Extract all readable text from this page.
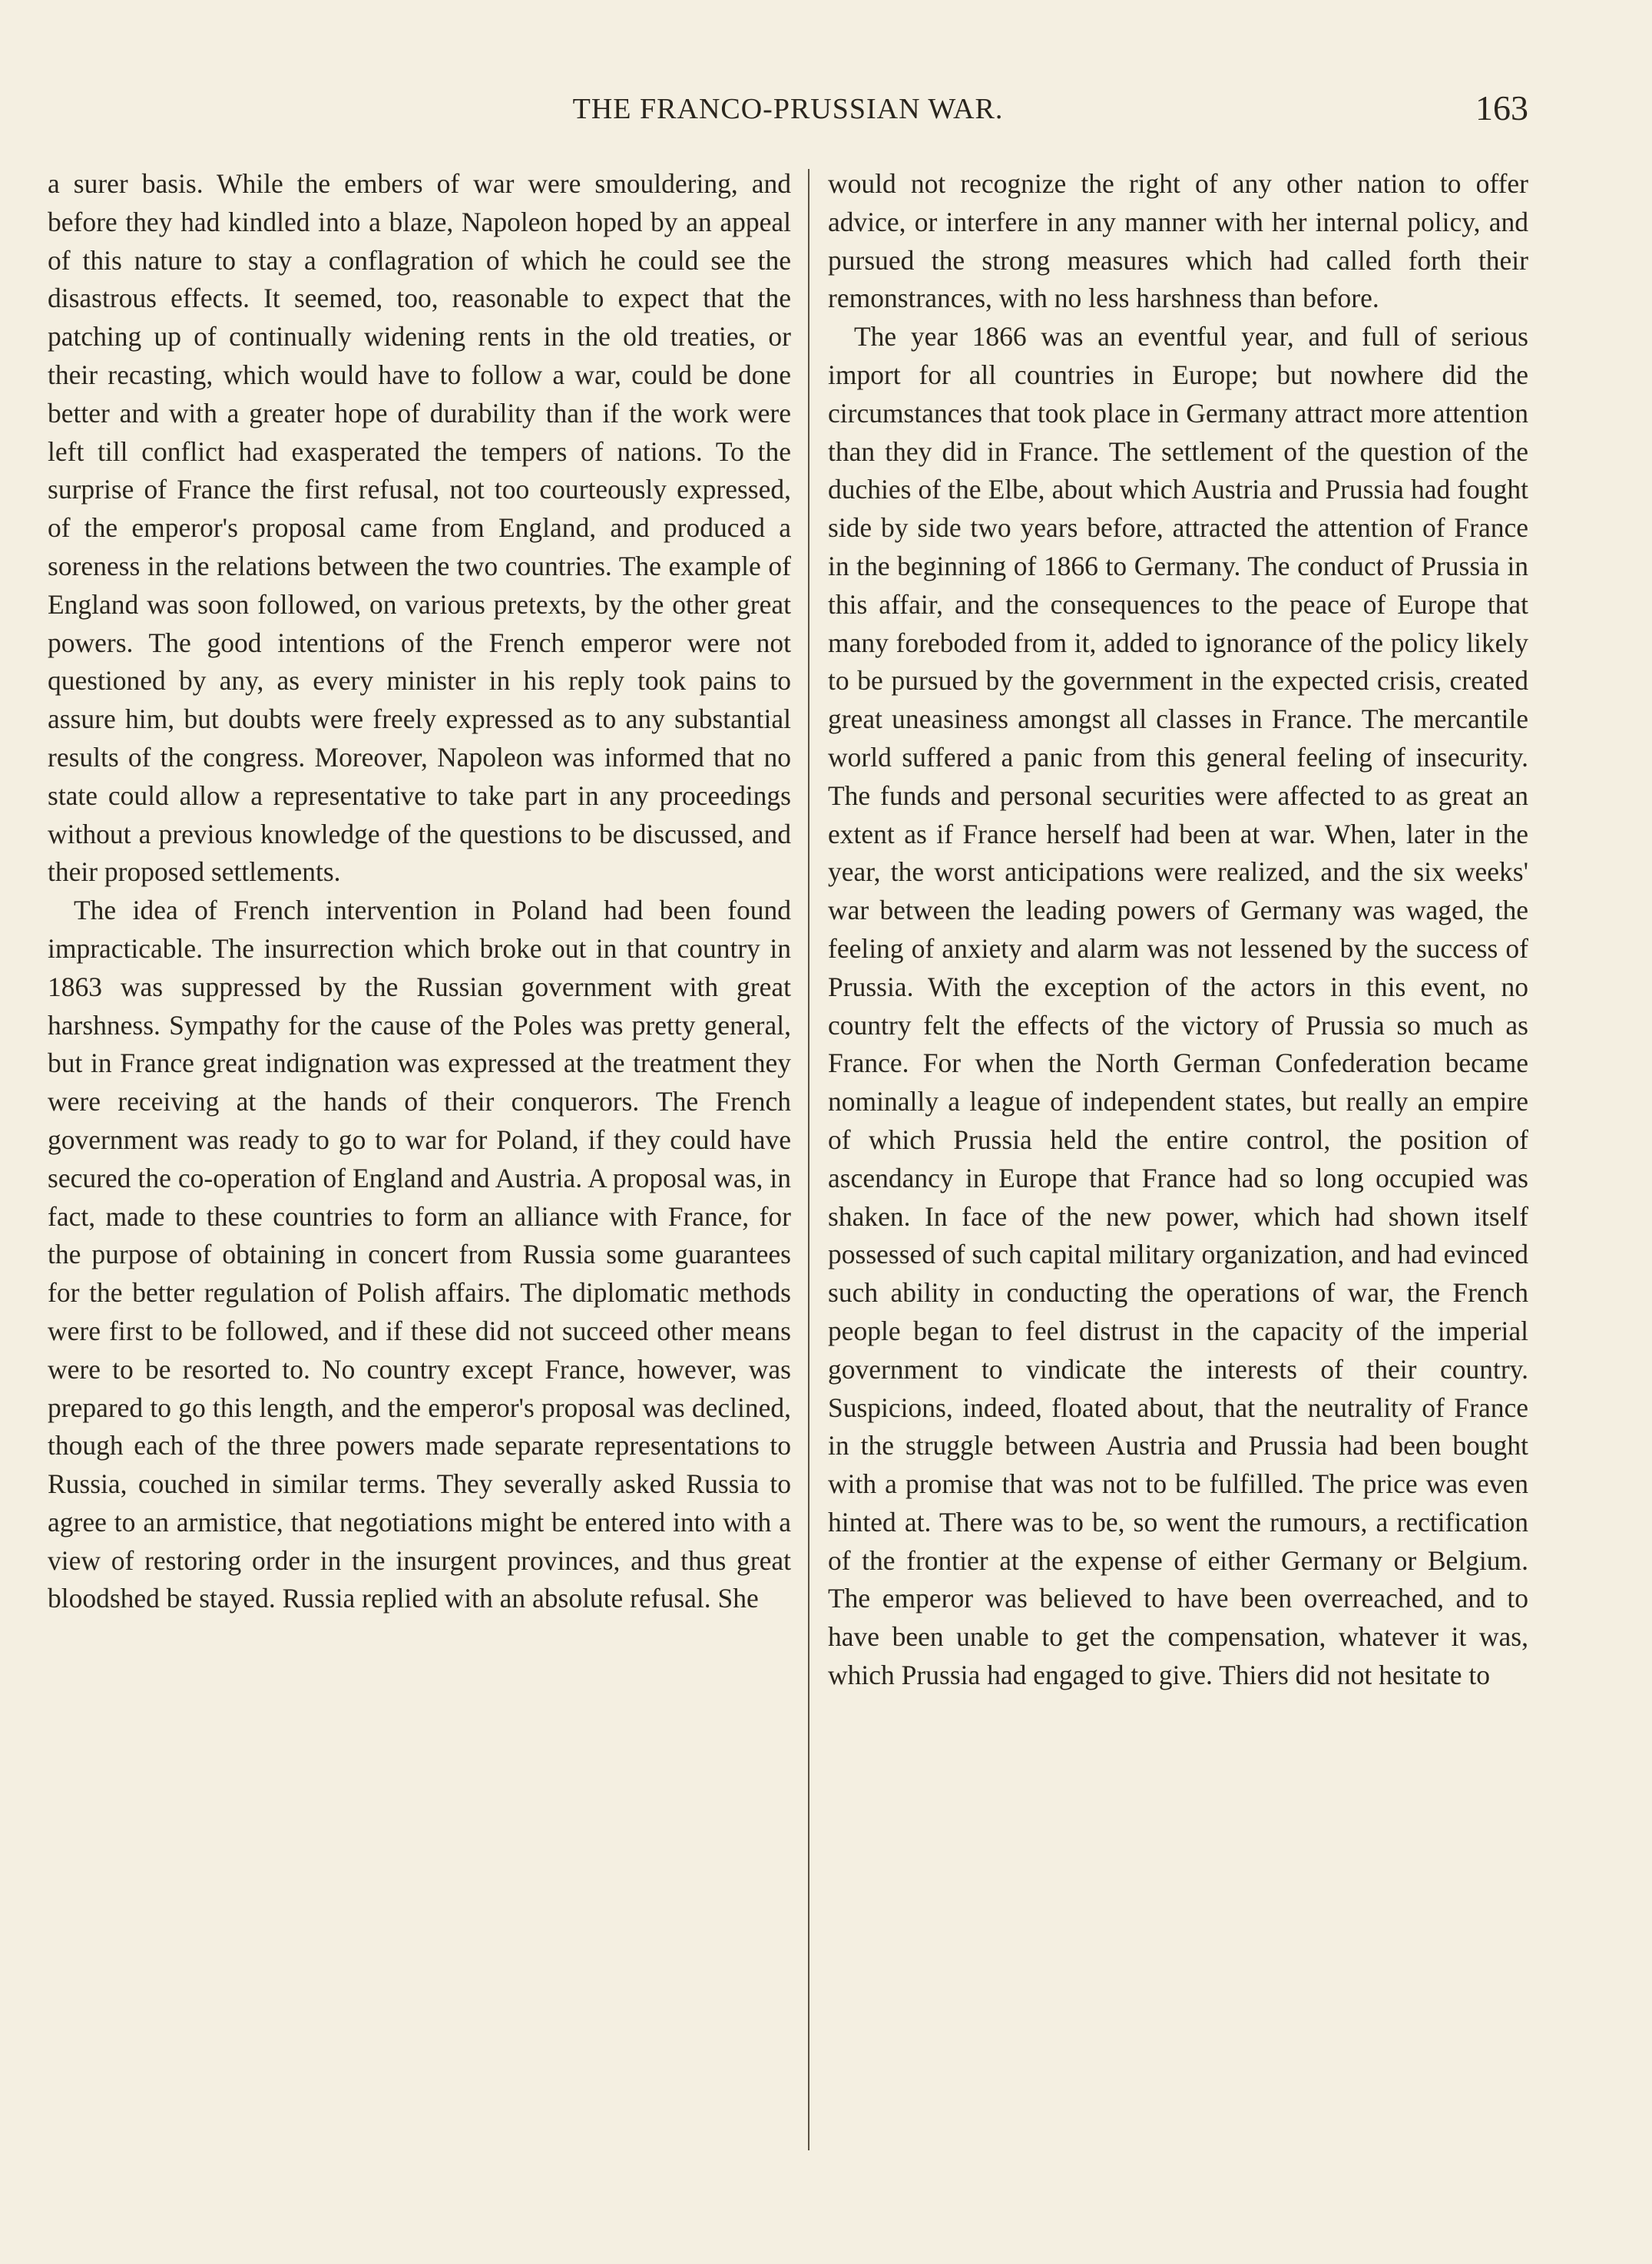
THE FRANCO-PRUSSIAN WAR.	163

a surer basis. While the embers of war were smouldering, and before they had kindled into a blaze, Napoleon hoped by an appeal of this nature to stay a conflagration of which he could see the disastrous effects. It seemed, too, reasonable to expect that the patching up of continually widening rents in the old treaties, or their recasting, which would have to follow a war, could be done better and with a greater hope of durability than if the work were left till conflict had exasperated the tempers of nations. To the surprise of France the first refusal, not too courteously expressed, of the emperor's proposal came from England, and produced a soreness in the relations between the two countries. The example of England was soon followed, on various pretexts, by the other great powers. The good intentions of the French emperor were not questioned by any, as every minister in his reply took pains to assure him, but doubts were freely expressed as to any substantial results of the congress. Moreover, Napoleon was informed that no state could allow a representative to take part in any proceedings without a previous knowledge of the questions to be discussed, and their proposed settlements.

The idea of French intervention in Poland had been found impracticable. The insurrection which broke out in that country in 1863 was suppressed by the Russian government with great harshness. Sympathy for the cause of the Poles was pretty general, but in France great indignation was expressed at the treatment they were receiving at the hands of their conquerors. The French government was ready to go to war for Poland, if they could have secured the co-operation of England and Austria. A proposal was, in fact, made to these countries to form an alliance with France, for the purpose of obtaining in concert from Russia some guarantees for the better regulation of Polish affairs. The diplomatic methods were first to be followed, and if these did not succeed other means were to be resorted to. No country except France, however, was prepared to go this length, and the emperor's proposal was declined, though each of the three powers made separate representations to Russia, couched in similar terms. They severally asked Russia to agree to an armistice, that negotiations might be entered into with a view of restoring order in the insurgent provinces, and thus great bloodshed be stayed. Russia replied with an absolute refusal. She

would not recognize the right of any other nation to offer advice, or interfere in any manner with her internal policy, and pursued the strong measures which had called forth their remonstrances, with no less harshness than before.

The year 1866 was an eventful year, and full of serious import for all countries in Europe; but nowhere did the circumstances that took place in Germany attract more attention than they did in France. The settlement of the question of the duchies of the Elbe, about which Austria and Prussia had fought side by side two years before, attracted the attention of France in the beginning of 1866 to Germany. The conduct of Prussia in this affair, and the consequences to the peace of Europe that many foreboded from it, added to ignorance of the policy likely to be pursued by the government in the expected crisis, created great uneasiness amongst all classes in France. The mercantile world suffered a panic from this general feeling of insecurity. The funds and personal securities were affected to as great an extent as if France herself had been at war. When, later in the year, the worst anticipations were realized, and the six weeks' war between the leading powers of Germany was waged, the feeling of anxiety and alarm was not lessened by the success of Prussia. With the exception of the actors in this event, no country felt the effects of the victory of Prussia so much as France. For when the North German Confederation became nominally a league of independent states, but really an empire of which Prussia held the entire control, the position of ascendancy in Europe that France had so long occupied was shaken. In face of the new power, which had shown itself possessed of such capital military organization, and had evinced such ability in conducting the operations of war, the French people began to feel distrust in the capacity of the imperial government to vindicate the interests of their country. Suspicions, indeed, floated about, that the neutrality of France in the struggle between Austria and Prussia had been bought with a promise that was not to be fulfilled. The price was even hinted at. There was to be, so went the rumours, a rectification of the frontier at the expense of either Germany or Belgium. The emperor was believed to have been overreached, and to have been unable to get the compensation, whatever it was, which Prussia had engaged to give. Thiers did not hesitate to
